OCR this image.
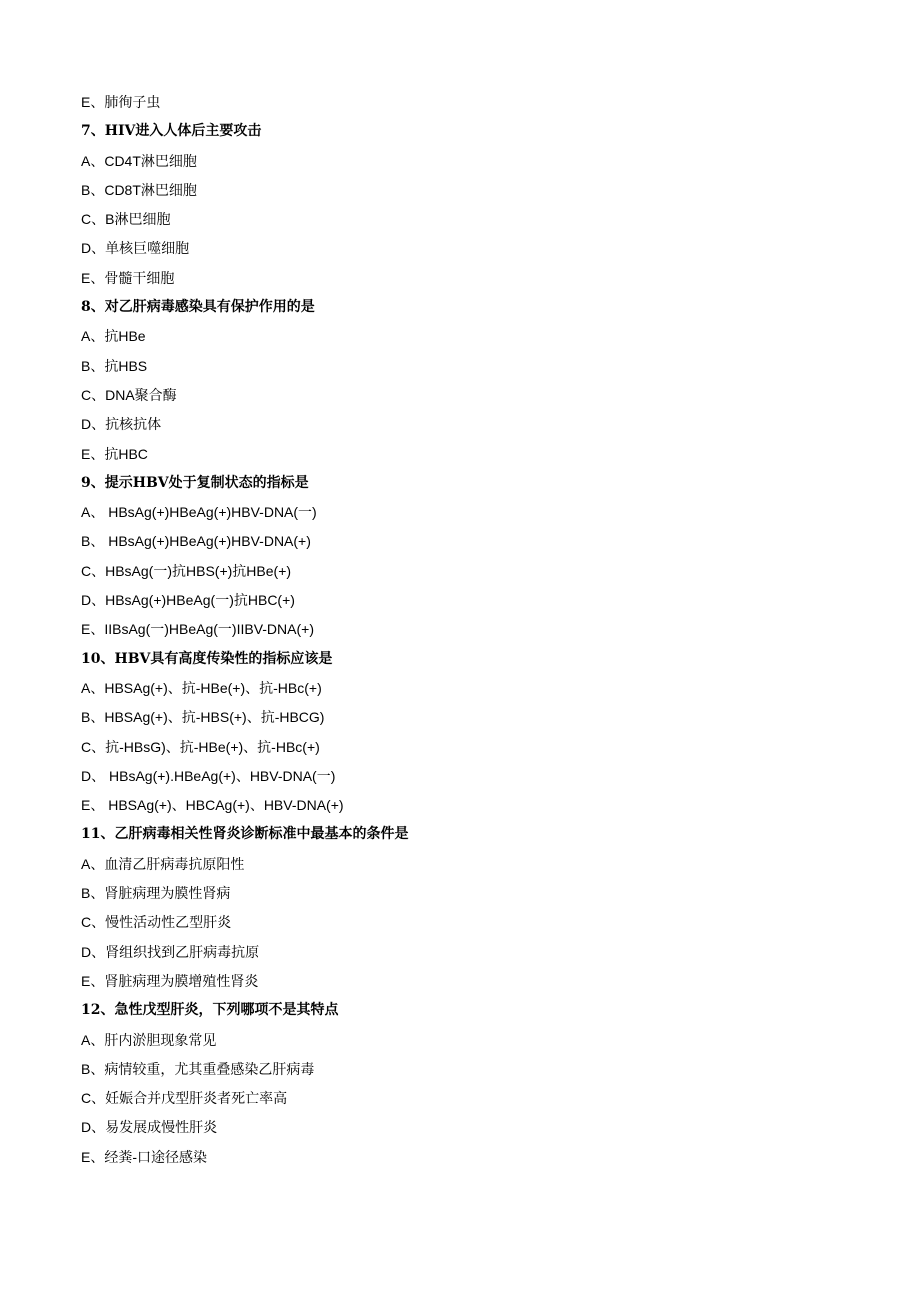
E、肺徇子虫
7、HIV进入人体后主要攻击
A、CD4T淋巴细胞
B、CD8T淋巴细胞
C、B淋巴细胞
D、单核巨噬细胞
E、骨髓干细胞
8、对乙肝病毒感染具有保护作用的是
A、抗HBe
B、抗HBS
C、DNA聚合酶
D、抗核抗体
E、抗HBC
9、提示HBV处于复制状态的指标是
A、 HBsAg(+)HBeAg(+)HBV-DNA(一)
B、 HBsAg(+)HBeAg(+)HBV-DNA(+)
C、HBsAg(一)抗HBS(+)抗HBe(+)
D、HBsAg(+)HBeAg(一)抗HBC(+)
E、IIBsAg(一)HBeAg(一)IIBV-DNA(+)
10、HBV具有高度传染性的指标应该是
A、HBSAg(+)、抗-HBe(+)、抗-HBc(+)
B、HBSAg(+)、抗-HBS(+)、抗-HBCG)
C、抗-HBsG)、抗-HBe(+)、抗-HBc(+)
D、 HBsAg(+).HBeAg(+)、HBV-DNA(一)
E、 HBSAg(+)、HBCAg(+)、HBV-DNA(+)
11、乙肝病毒相关性肾炎诊断标准中最基本的条件是
A、血清乙肝病毒抗原阳性
B、肾脏病理为膜性肾病
C、慢性活动性乙型肝炎
D、肾组织找到乙肝病毒抗原
E、肾脏病理为膜增殖性肾炎
12、急性戊型肝炎，下列哪项不是其特点
A、肝内淤胆现象常见
B、病情较重，尤其重叠感染乙肝病毒
C、妊娠合并戊型肝炎者死亡率高
D、易发展成慢性肝炎
E、经粪-口途径感染
